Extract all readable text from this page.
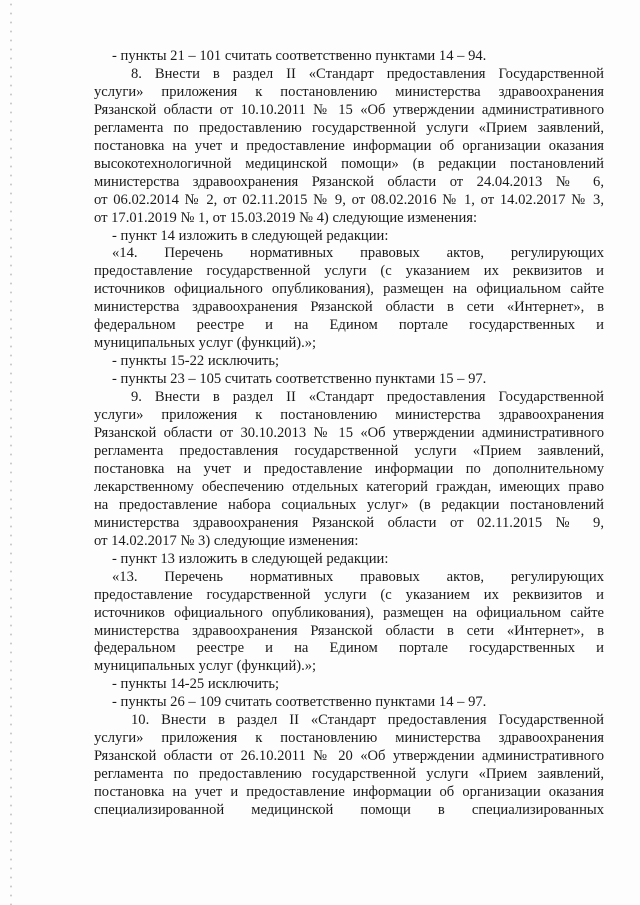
- пункты 21 – 101 считать соответственно пунктами 14 – 94.
8. Внести в раздел II «Стандарт предоставления Государственной
услуги» приложения к постановлению министерства здравоохранения
Рязанской области от 10.10.2011 № 15 «Об утверждении административного
регламента по предоставлению государственной услуги «Прием заявлений,
постановка на учет и предоставление информации об организации оказания
высокотехнологичной медицинской помощи» (в редакции постановлений
министерства здравоохранения Рязанской области от 24.04.2013 № 6,
от 06.02.2014 № 2, от 02.11.2015 № 9, от 08.02.2016 № 1, от 14.02.2017 № 3,
от 17.01.2019 № 1, от 15.03.2019 № 4) следующие изменения:
- пункт 14 изложить в следующей редакции:
«14. Перечень нормативных правовых актов, регулирующих
предоставление государственной услуги (с указанием их реквизитов и
источников официального опубликования), размещен на официальном сайте
министерства здравоохранения Рязанской области в сети «Интернет», в
федеральном реестре и на Едином портале государственных и
муниципальных услуг (функций).»;
- пункты 15-22 исключить;
- пункты 23 – 105 считать соответственно пунктами 15 – 97.
9. Внести в раздел II «Стандарт предоставления Государственной
услуги» приложения к постановлению министерства здравоохранения
Рязанской области от 30.10.2013 № 15 «Об утверждении административного
регламента предоставления государственной услуги «Прием заявлений,
постановка на учет и предоставление информации по дополнительному
лекарственному обеспечению отдельных категорий граждан, имеющих право
на предоставление набора социальных услуг» (в редакции постановлений
министерства здравоохранения Рязанской области от 02.11.2015 № 9,
от 14.02.2017 № 3) следующие изменения:
- пункт 13 изложить в следующей редакции:
«13. Перечень нормативных правовых актов, регулирующих
предоставление государственной услуги (с указанием их реквизитов и
источников официального опубликования), размещен на официальном сайте
министерства здравоохранения Рязанской области в сети «Интернет», в
федеральном реестре и на Едином портале государственных и
муниципальных услуг (функций).»;
- пункты 14-25 исключить;
- пункты 26 – 109 считать соответственно пунктами 14 – 97.
10. Внести в раздел II «Стандарт предоставления Государственной
услуги» приложения к постановлению министерства здравоохранения
Рязанской области от 26.10.2011 № 20 «Об утверждении административного
регламента по предоставлению государственной услуги «Прием заявлений,
постановка на учет и предоставление информации об организации оказания
специализированной медицинской помощи в специализированных
